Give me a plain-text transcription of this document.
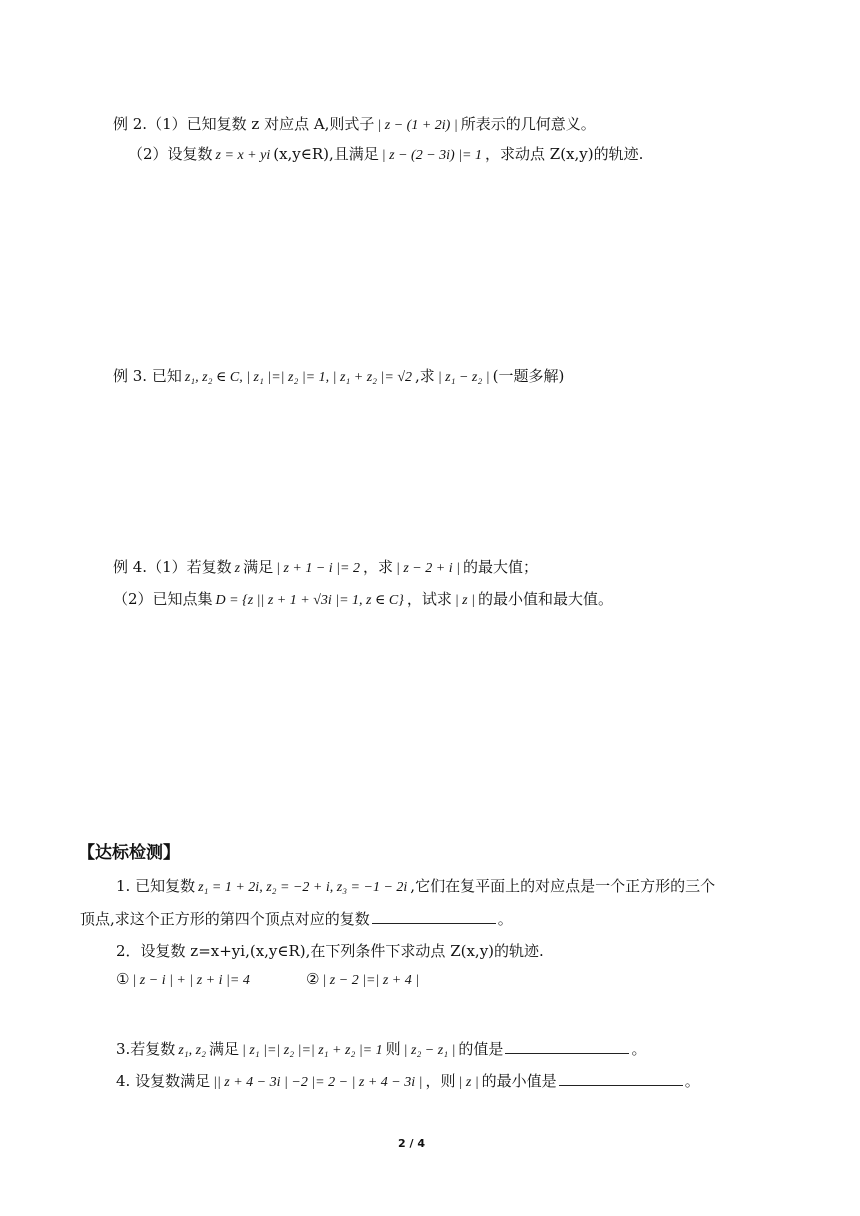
例 2.（1）已知复数 z 对应点 A,则式子 | z − (1 + 2i) | 所表示的几何意义。
（2）设复数 z = x + yi (x,y∈R),且满足 | z − (2 − 3i) |= 1 ，求动点 Z(x,y)的轨迹.
例 3. 已知 z₁, z₂ ∈ C, | z₁ |=| z₂ |= 1, | z₁ + z₂ |= √2 ,求 | z₁ − z₂ | (一题多解)
例 4.（1）若复数 z 满足 | z + 1 − i |= 2 ，求 | z − 2 + i | 的最大值；
（2）已知点集 D = {z || z + 1 + √3i |= 1, z ∈ C} ，试求 | z | 的最小值和最大值。
【达标检测】
1. 已知复数 z₁ = 1 + 2i, z₂ = −2 + i, z₃ = −1 − 2i ,它们在复平面上的对应点是一个正方形的三个
顶点,求这个正方形的第四个顶点对应的复数	。
2．设复数 z=x+yi,(x,y∈R),在下列条件下求动点 Z(x,y)的轨迹.
① | z − i | + | z + i |= 4	② | z − 2 |=| z + 4 |
3.若复数 z₁, z₂ 满足 | z₁ |=| z₂ |=| z₁ + z₂ |= 1 则 | z₂ − z₁ | 的值是	。
4. 设复数满足 || z + 4 − 3i | −2 |= 2 − | z + 4 − 3i | ，则 | z | 的最小值是	。
2 / 4
